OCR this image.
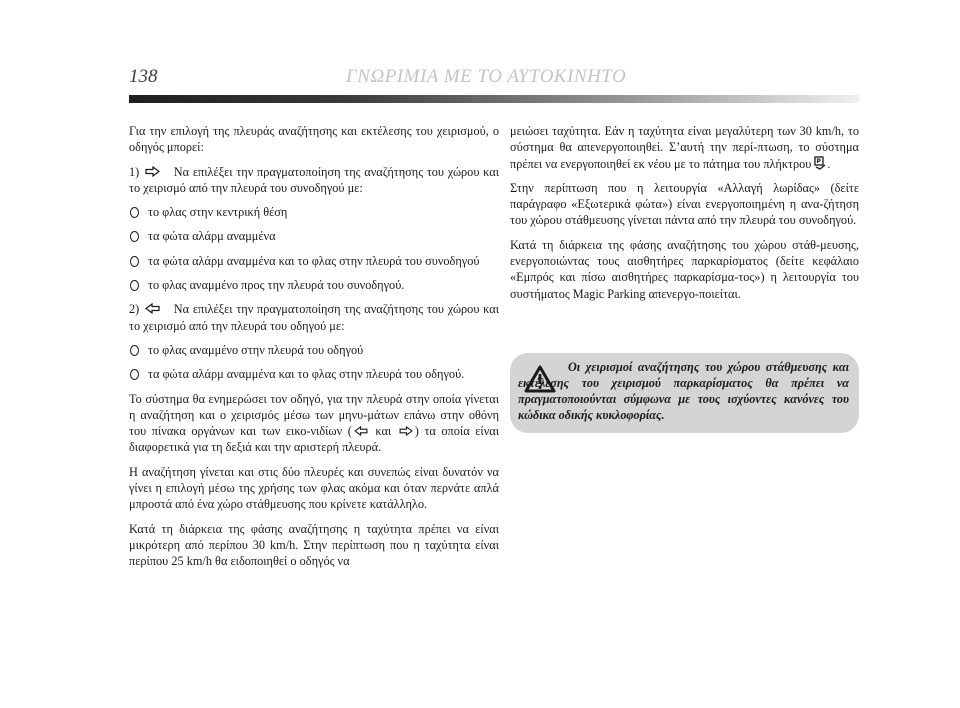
138	ΓΝΩΡΙΜΙΑ ΜΕ ΤΟ ΑΥΤΟΚΙΝΗΤΟ

Για την επιλογή της πλευράς αναζήτησης και εκτέλεσης του χειρισμού, ο οδηγός μπορεί:

1)	Να επιλέξει την πραγματοποίηση της αναζήτησης του χώρου και το χειρισμό από την πλευρά του συνοδηγού με:

το φλας στην κεντρική θέση

τα φώτα αλάρμ αναμμένα

τα φώτα αλάρμ αναμμένα και το φλας στην πλευρά του συνοδηγού

το φλας αναμμένο προς την πλευρά του συνοδηγού.

2)	Να επιλέξει την πραγματοποίηση της αναζήτησης του χώρου και το χειρισμό από την πλευρά του οδηγού με:

το φλας αναμμένο στην πλευρά του οδηγού

τα φώτα αλάρμ αναμμένα και το φλας στην πλευρά του οδηγού.

Το σύστημα θα ενημερώσει τον οδηγό, για την πλευρά στην οποία γίνεται η αναζήτηση και ο χειρισμός μέσω των μηνυ-μάτων επάνω στην οθόνη του πίνακα οργάνων και των εικο-νιδίων ( και ) τα οποία είναι διαφορετικά για τη δεξιά και την αριστερή πλευρά.

Η αναζήτηση γίνεται και στις δύο πλευρές και συνεπώς είναι δυνατόν να γίνει η επιλογή μέσω της χρήσης των φλας ακόμα και όταν περνάτε απλά μπροστά από ένα χώρο στάθμευσης που κρίνετε κατάλληλο.

Κατά τη διάρκεια της φάσης αναζήτησης η ταχύτητα πρέπει να είναι μικρότερη από περίπου 30 km/h. Στην περίπτωση που η ταχύτητα είναι περίπου 25 km/h θα ειδοποιηθεί ο οδηγός να

μειώσει ταχύτητα. Εάν η ταχύτητα είναι μεγαλύτερη των 30 km/h, το σύστημα θα απενεργοποιηθεί. Σ’αυτή την περί-πτωση, το σύστημα πρέπει να ενεργοποιηθεί εκ νέου με το πάτημα του πλήκτρου .

Στην περίπτωση που η λειτουργία «Αλλαγή λωρίδας» (δείτε παράγραφο «Εξωτερικά φώτα») είναι ενεργοποιημένη η ανα-ζήτηση του χώρου στάθμευσης γίνεται πάντα από την πλευρά του συνοδηγού.

Κατά τη διάρκεια της φάσης αναζήτησης του χώρου στάθ-μευσης, ενεργοποιώντας τους αισθητήρες παρκαρίσματος (δείτε κεφάλαιο «Εμπρός και πίσω αισθητήρες παρκαρίσμα-τος») η λειτουργία του συστήματος Magic Parking απενεργο-ποιείται.

Οι χειρισμοί αναζήτησης του χώρου στάθμευσης και εκτέλεσης του χειρισμού παρκαρίσματος θα πρέπει να πραγματοποιούνται σύμφωνα με τους ισχύοντες κανόνες του κώδικα οδικής κυκλοφορίας.
